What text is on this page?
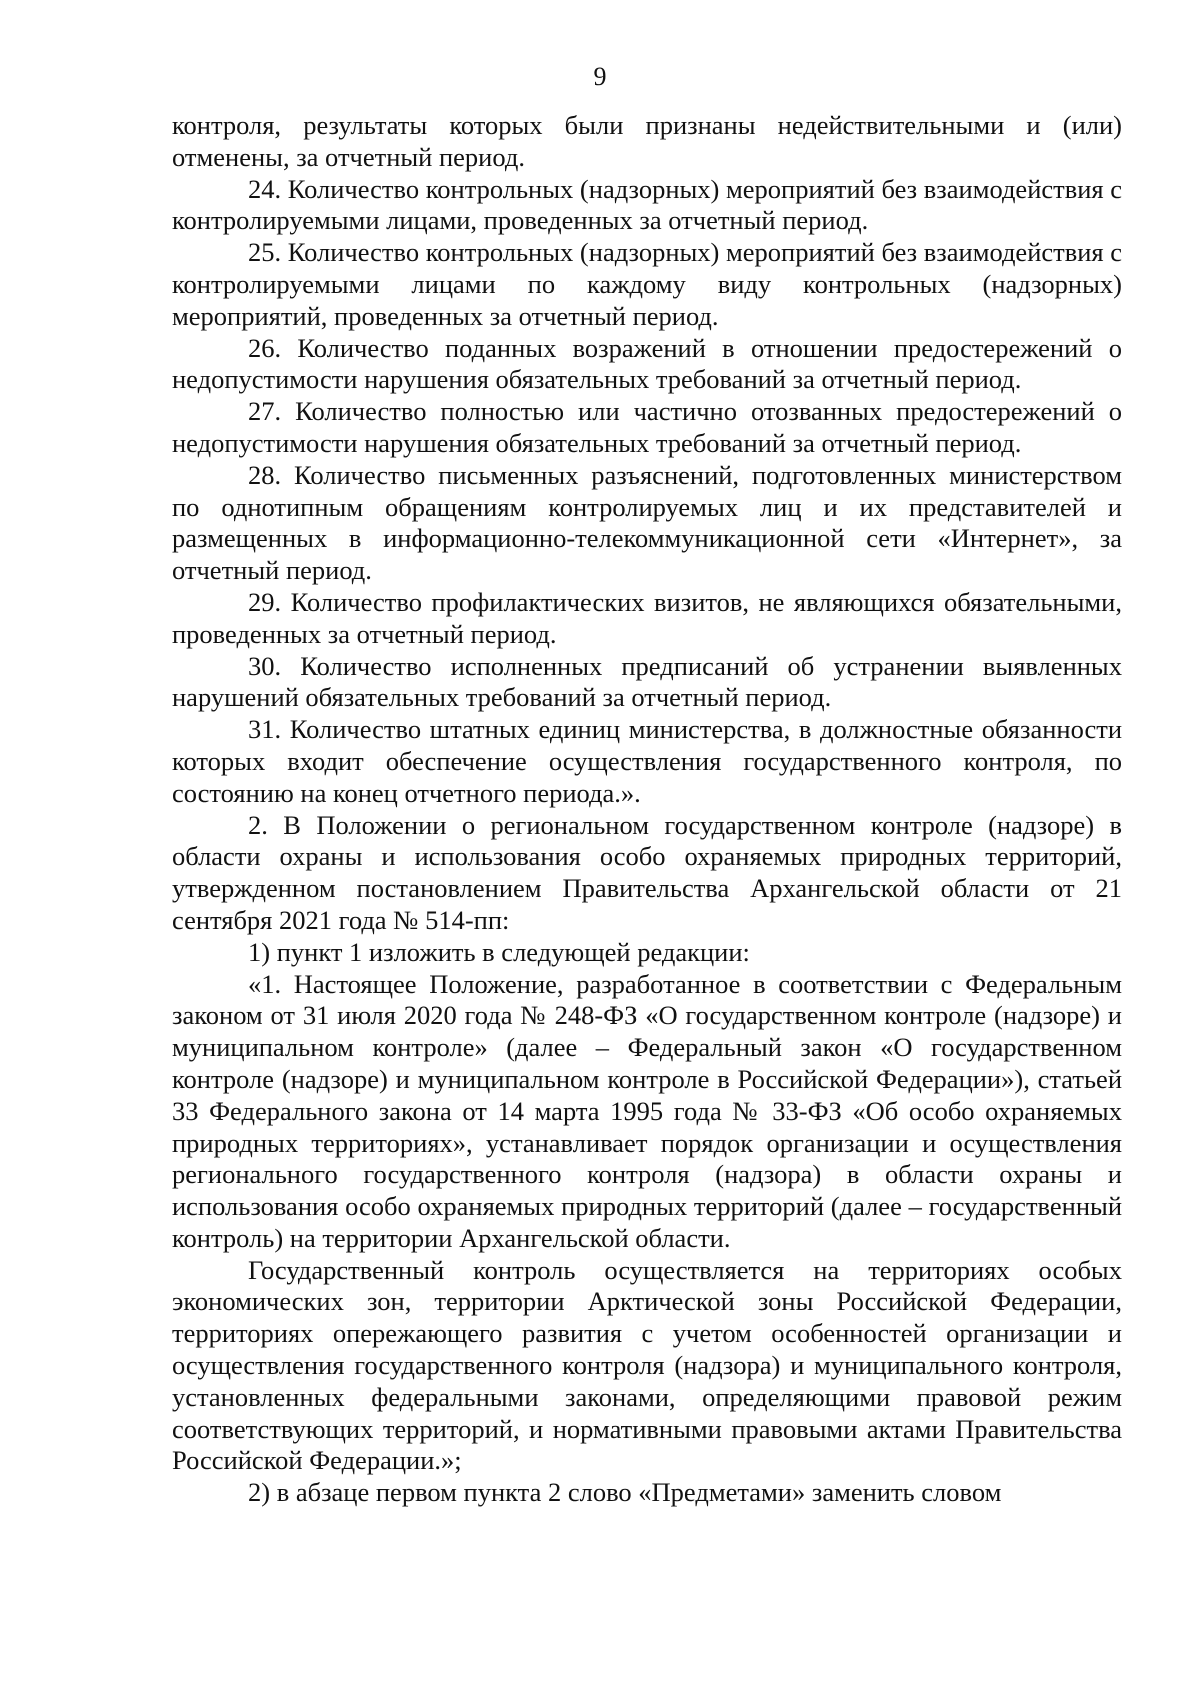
9

контроля, результаты которых были признаны недействительными и (или) отменены, за отчетный период.

24. Количество контрольных (надзорных) мероприятий без взаимодействия с контролируемыми лицами, проведенных за отчетный период.

25. Количество контрольных (надзорных) мероприятий без взаимодействия с контролируемыми лицами по каждому виду контрольных (надзорных) мероприятий, проведенных за отчетный период.

26. Количество поданных возражений в отношении предостережений о недопустимости нарушения обязательных требований за отчетный период.

27. Количество полностью или частично отозванных предостережений о недопустимости нарушения обязательных требований за отчетный период.

28. Количество письменных разъяснений, подготовленных министерством по однотипным обращениям контролируемых лиц и их представителей и размещенных в информационно-телекоммуникационной сети «Интернет», за отчетный период.

29. Количество профилактических визитов, не являющихся обязательными, проведенных за отчетный период.

30. Количество исполненных предписаний об устранении выявленных нарушений обязательных требований за отчетный период.

31. Количество штатных единиц министерства, в должностные обязанности которых входит обеспечение осуществления государственного контроля, по состоянию на конец отчетного периода.».

2. В Положении о региональном государственном контроле (надзоре) в области охраны и использования особо охраняемых природных территорий, утвержденном постановлением Правительства Архангельской области от 21 сентября 2021 года № 514-пп:

1) пункт 1 изложить в следующей редакции:

«1. Настоящее Положение, разработанное в соответствии с Федеральным законом от 31 июля 2020 года № 248-ФЗ «О государственном контроле (надзоре) и муниципальном контроле» (далее – Федеральный закон «О государственном контроле (надзоре) и муниципальном контроле в Российской Федерации»), статьей 33 Федерального закона от 14 марта 1995 года № 33-ФЗ «Об особо охраняемых природных территориях», устанавливает порядок организации и осуществления регионального государственного контроля (надзора) в области охраны и использования особо охраняемых природных территорий (далее – государственный контроль) на территории Архангельской области.

Государственный контроль осуществляется на территориях особых экономических зон, территории Арктической зоны Российской Федерации, территориях опережающего развития с учетом особенностей организации и осуществления государственного контроля (надзора) и муниципального контроля, установленных федеральными законами, определяющими правовой режим соответствующих территорий, и нормативными правовыми актами Правительства Российской Федерации.»;

2) в абзаце первом пункта 2 слово «Предметами» заменить словом
